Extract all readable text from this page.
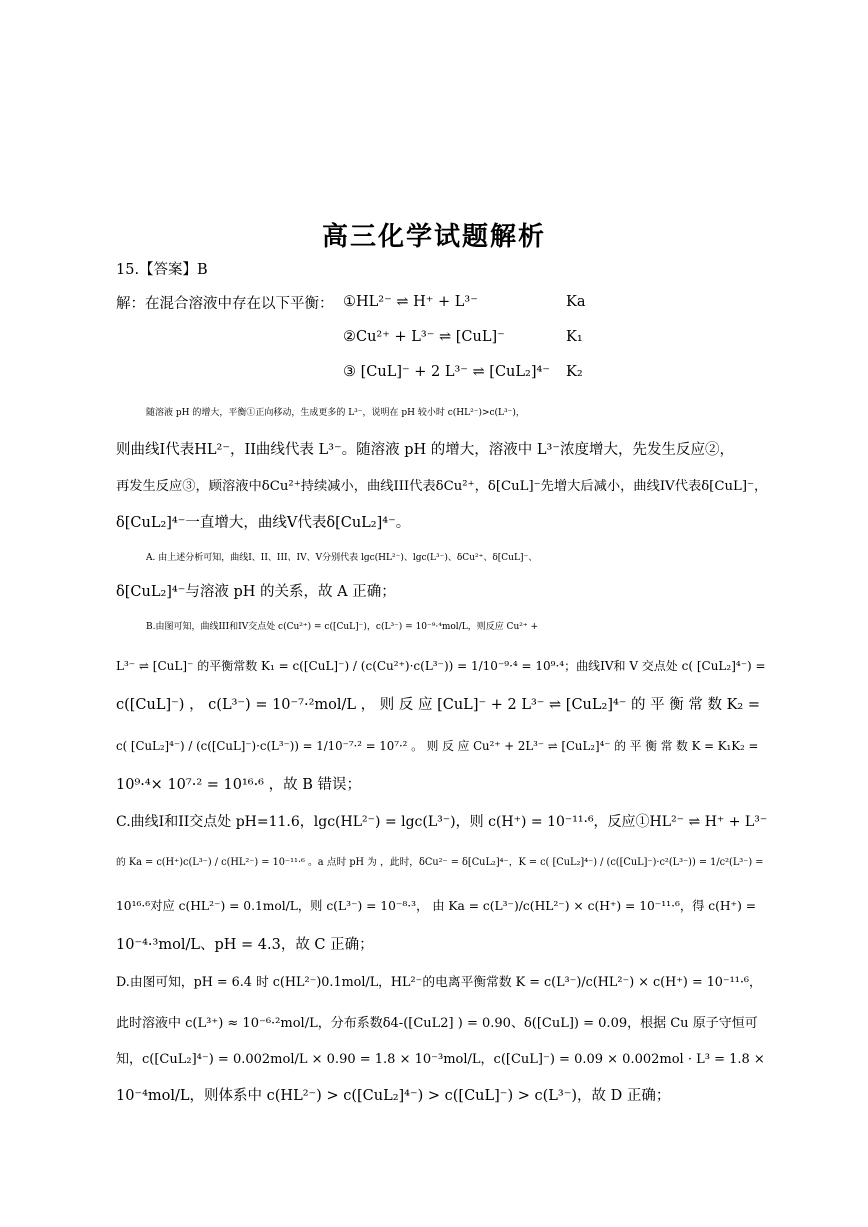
高三化学试题解析
15.【答案】B
解：在混合溶液中存在以下平衡： ①HL²⁻ ⇌ H⁺ + L³⁻	Ka
②Cu²⁺ + L³⁻ ⇌ [CuL]⁻	K₁
③ [CuL]⁻ + 2 L³⁻ ⇌ [CuL₂]⁴⁻ K₂
随溶液 pH 的增大，平衡①正向移动，生成更多的 L³⁻，说明在 pH 较小时 c(HL²⁻)>c(L³⁻)，
则曲线I代表HL²⁻，II曲线代表 L³⁻。随溶液 pH 的增大，溶液中 L³⁻浓度增大，先发生反应②，
再发生反应③，顾溶液中δCu²⁺持续减小，曲线III代表δCu²⁺，δ[CuL]⁻先增大后减小，曲线IV代表δ[CuL]⁻，
δ[CuL₂]⁴⁻一直增大，曲线V代表δ[CuL₂]⁴⁻。
A. 由上述分析可知，曲线I、II、III、IV、V分别代表 lgc(HL²⁻)、lgc(L³⁻)、δCu²⁺、δ[CuL]⁻、
δ[CuL₂]⁴⁻与溶液 pH 的关系，故 A 正确；
B.由图可知，曲线III和IV交点处 c(Cu²⁺) = c([CuL]⁻)，c(L³⁻) = 10⁻⁹·⁴mol/L，则反应 Cu²⁺ +
L³⁻ ⇌ [CuL]⁻ 的平衡常数 K₁ = c([CuL]⁻) / (c(Cu²⁺)·c(L³⁻)) = 1/10⁻⁹·⁴ = 10⁹·⁴；曲线IV和 V 交点处 c( [CuL₂]⁴⁻) =
c([CuL]⁻) ， c(L³⁻) = 10⁻⁷·²mol/L ， 则 反 应 [CuL]⁻ + 2 L³⁻ ⇌ [CuL₂]⁴⁻ 的 平 衡 常 数 K₂ =
c( [CuL₂]⁴⁻) / (c([CuL]⁻)·c(L³⁻)) = 1/10⁻⁷·² = 10⁷·² 。 则 反 应 Cu²⁺ + 2L³⁻ ⇌ [CuL₂]⁴⁻ 的 平 衡 常 数 K = K₁K₂ =
10⁹·⁴× 10⁷·² = 10¹⁶·⁶ ，故 B 错误；
C.曲线I和II交点处 pH=11.6，lgc(HL²⁻) = lgc(L³⁻)，则 c(H⁺) = 10⁻¹¹·⁶，反应①HL²⁻ ⇌ H⁺ + L³⁻
的 Ka = c(H⁺)c(L³⁻) / c(HL²⁻) = 10⁻¹¹·⁶ 。a 点时 pH 为 ，此时，δCu²⁻ = δ[CuL₂]⁴⁻，K = c( [CuL₂]⁴⁻) / (c([CuL]⁻)·c²(L³⁻)) = 1/c²(L³⁻) =
10¹⁶·⁶对应 c(HL²⁻) = 0.1mol/L，则 c(L³⁻) = 10⁻⁸·³， 由 Ka = c(L³⁻)/c(HL²⁻) × c(H⁺) = 10⁻¹¹·⁶，得 c(H⁺) =
10⁻⁴·³mol/L、pH = 4.3，故 C 正确；
D.由图可知，pH = 6.4 时 c(HL²⁻)0.1mol/L，HL²⁻的电离平衡常数 K = c(L³⁻)/c(HL²⁻) × c(H⁺) = 10⁻¹¹·⁶，
此时溶液中 c(L³⁺) ≈ 10⁻⁶·²mol/L，分布系数δ4-([CuL2] ) = 0.90、δ([CuL]) = 0.09，根据 Cu 原子守恒可
知，c([CuL₂]⁴⁻) = 0.002mol/L × 0.90 = 1.8 × 10⁻³mol/L，c([CuL]⁻) = 0.09 × 0.002mol · L³ = 1.8 ×
10⁻⁴mol/L，则体系中 c(HL²⁻) > c([CuL₂]⁴⁻) > c([CuL]⁻) > c(L³⁻)，故 D 正确；
